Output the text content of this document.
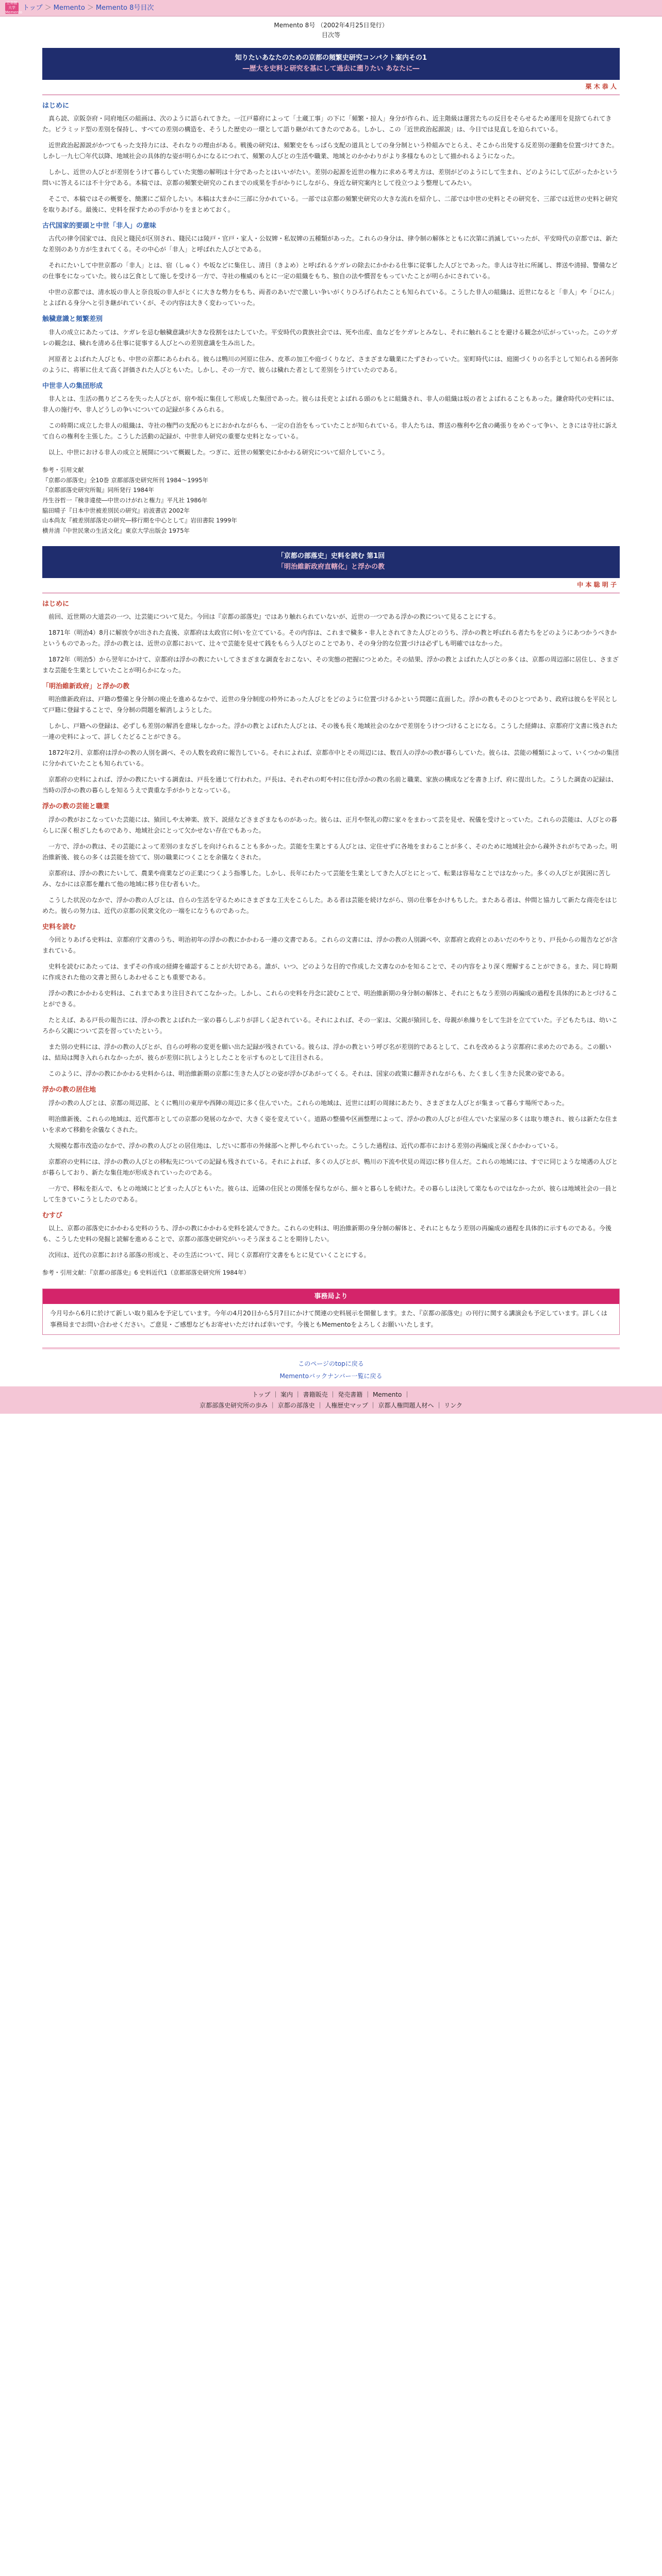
立命館
大学
Memento
トップ ＞ Memento ＞ Memento 8号目次
Memento 8号 （2002年4月25日発行）
目次等
知りたいあなたのための京都の頻繁史研究コンパクト案内その1
―歴大を史料と研究を基にして過去に遡りたい あなたに―
栗 木 恭 人
はじめに

真ら読、京阪奈府・同府地区の組画は、次のように語られてきた。一江戸幕府によって「土蔵工事」の下に「頻繁・掠人」身分が作られ、近主階級は運営たちの反目をそらせるため運用を見捨てられてきた。ピラミッド型の差別を保持し、すべての差別の構造を、そうした歴史の一環として語り継がれてきたのである。しかし、この「近世政治起源説」は、今日では見直しを迫られている。

近世政治起源説がかつてもった支持力には、それなりの理由がある。戦後の研究は、頻繁史をもっぱら支配の道具としての身分制という枠組みでとらえ、そこから出発する反差別の運動を位置づけてきた。しかし一九七〇年代以降、地域社会の具体的な姿が明らかになるにつれて、頻繁の人びとの生活や職業、地域とのかかわりがより多様なものとして描かれるようになった。

しかし、近世の人びとが差別をうけて暮らしていた実態の解明は十分であったとはいいがたい。差別の起源を近世の権力に求める考え方は、差別がどのようにして生まれ、どのようにして広がったかという問いに答えるには不十分である。本稿では、京都の頻繁史研究のこれまでの成果を手がかりにしながら、身近な研究案内として役立つよう整理してみたい。

そこで、本稿ではその概要を、簡潔にご紹介したい。本稿は大まかに三部に分かれている。一部では京都の頻繁史研究の大きな流れを紹介し、二部では中世の史料とその研究を、三部では近世の史料と研究を取りあげる。最後に、史料を探すための手がかりをまとめておく。

古代国家的要頭と中世「非人」の意味

古代の律令国家では、良民と賤民が区別され、賤民には陵戸・官戸・家人・公奴婢・私奴婢の五種類があった。これらの身分は、律令制の解体とともに次第に消滅していったが、平安時代の京都では、新たな差別のあり方が生まれてくる。その中心が「非人」と呼ばれた人びとである。

それにたいして中世京都の「非人」とは、宿（しゅく）や坂などに集住し、清目（きよめ）と呼ばれるケガレの除去にかかわる仕事に従事した人びとであった。非人は寺社に所属し、葬送や清掃、警備などの仕事をになっていた。彼らは乞食として施しを受ける一方で、寺社の権威のもとに一定の組織をもち、独自の法や慣習をもっていたことが明らかにされている。

中世の京都では、清水坂の非人と奈良坂の非人がとくに大きな勢力をもち、両者のあいだで激しい争いがくりひろげられたことも知られている。こうした非人の組織は、近世になると「非人」や「ひにん」とよばれる身分へと引き継がれていくが、その内容は大きく変わっていった。

触穢意識と頻繁差別

非人の成立にあたっては、ケガレを忌む触穢意識が大きな役割をはたしていた。平安時代の貴族社会では、死や出産、血などをケガレとみなし、それに触れることを避ける観念が広がっていった。このケガレの観念は、穢れを清める仕事に従事する人びとへの差別意識を生み出した。

河原者とよばれた人びとも、中世の京都にあらわれる。彼らは鴨川の河原に住み、皮革の加工や庭づくりなど、さまざまな職業にたずさわっていた。室町時代には、庭園づくりの名手として知られる善阿弥のように、将軍に仕えて高く評価された人びともいた。しかし、その一方で、彼らは穢れた者として差別をうけていたのである。

中世非人の集団形成

非人とは、生活の拠りどころを失った人びとが、宿や坂に集住して形成した集団であった。彼らは長吏とよばれる頭のもとに組織され、非人の組織は坂の者とよばれることもあった。鎌倉時代の史料には、非人の施行や、非人どうしの争いについての記録が多くみられる。

この時期に成立した非人の組織は、寺社の権門の支配のもとにおかれながらも、一定の自治をもっていたことが知られている。非人たちは、葬送の権利や乞食の縄張りをめぐって争い、ときには寺社に訴えて自らの権利を主張した。こうした活動の記録が、中世非人研究の重要な史料となっている。

以上、中世における非人の成立と展開について概観した。つぎに、近世の頻繁史にかかわる研究について紹介していこう。

参考・引用文献
『京都の部落史』全10巻 京都部落史研究所刊 1984〜1995年
『京都部落史研究所報』同所発行 1984年
丹生谷哲一『検非違使―中世のけがれと権力』平凡社 1986年
脇田晴子『日本中世被差別民の研究』岩波書店 2002年
山本尚友『被差別部落史の研究―移行期を中心として』岩田書院 1999年
横井清『中世民衆の生活文化』東京大学出版会 1975年
「京都の部落史」史料を読む 第1回
「明治維新政府直轄化」と浮かの教
中 本 聡 明 子
はじめに

前回、近世期の大道芸の一つ、辻芸能について見た。今回は『京都の部落史』ではあり触れられていないが、近世の一つである浮かの教について見ることにする。

1871年（明治4）8月に解放令が出された直後、京都府は太政官に何いを立てている。その内容は、これまで穢多・非人とされてきた人びとのうち、浮かの教と呼ばれる者たちをどのようにあつかうべきかというものであった。浮かの教とは、近世の京都において、辻々で芸能を見せて銭をもらう人びとのことであり、その身分的な位置づけは必ずしも明確ではなかった。

1872年（明治5）から翌年にかけて、京都府は浮かの教にたいしてさまざまな調査をおこない、その実態の把握につとめた。その結果、浮かの教とよばれた人びとの多くは、京都の周辺部に居住し、さまざまな芸能を生業としていたことが明らかになった。

「明治維新政府」と浮かの教

明治維新政府は、戸籍の整備と身分制の廃止を進めるなかで、近世の身分制度の枠外にあった人びとをどのように位置づけるかという問題に直面した。浮かの教もそのひとつであり、政府は彼らを平民として戸籍に登録することで、身分制の問題を解消しようとした。

しかし、戸籍への登録は、必ずしも差別の解消を意味しなかった。浮かの教とよばれた人びとは、その後も長く地域社会のなかで差別をうけつづけることになる。こうした経緯は、京都府庁文書に残された一連の史料によって、詳しくたどることができる。

1872年2月、京都府は浮かの教の人別を調べ、その人数を政府に報告している。それによれば、京都市中とその周辺には、数百人の浮かの教が暮らしていた。彼らは、芸能の種類によって、いくつかの集団に分かれていたことも知られている。

京都府の史料によれば、浮かの教にたいする調査は、戸長を通じて行われた。戸長は、それぞれの町や村に住む浮かの教の名前と職業、家族の構成などを書き上げ、府に提出した。こうした調査の記録は、当時の浮かの教の暮らしを知るうえで貴重な手がかりとなっている。

浮かの教の芸能と職業

浮かの教がおこなっていた芸能には、猿回しや太神楽、放下、説経などさまざまなものがあった。彼らは、正月や祭礼の際に家々をまわって芸を見せ、祝儀を受けとっていた。これらの芸能は、人びとの暮らしに深く根ざしたものであり、地域社会にとって欠かせない存在でもあった。

一方で、浮かの教は、その芸能によって差別のまなざしを向けられることも多かった。芸能を生業とする人びとは、定住せずに各地をまわることが多く、そのために地域社会から疎外されがちであった。明治維新後、彼らの多くは芸能を捨てて、別の職業につくことを余儀なくされた。

京都府は、浮かの教にたいして、農業や商業などの正業につくよう指導した。しかし、長年にわたって芸能を生業としてきた人びとにとって、転業は容易なことではなかった。多くの人びとが貧困に苦しみ、なかには京都を離れて他の地域に移り住む者もいた。

こうした状況のなかで、浮かの教の人びとは、自らの生活を守るためにさまざまな工夫をこらした。ある者は芸能を続けながら、別の仕事をかけもちした。またある者は、仲間と協力して新たな商売をはじめた。彼らの努力は、近代の京都の民衆文化の一端をになうものであった。

史料を読む

今回とりあげる史料は、京都府庁文書のうち、明治初年の浮かの教にかかわる一連の文書である。これらの文書には、浮かの教の人別調べや、京都府と政府とのあいだのやりとり、戸長からの報告などが含まれている。

史料を読むにあたっては、まずその作成の経緯を確認することが大切である。誰が、いつ、どのような目的で作成した文書なのかを知ることで、その内容をより深く理解することができる。また、同じ時期に作成された他の文書と照らしあわせることも重要である。

浮かの教にかかわる史料は、これまであまり注目されてこなかった。しかし、これらの史料を丹念に読むことで、明治維新期の身分制の解体と、それにともなう差別の再編成の過程を具体的にあとづけることができる。

たとえば、ある戸長の報告には、浮かの教とよばれた一家の暮らしぶりが詳しく記されている。それによれば、その一家は、父親が猿回しを、母親が糸繰りをして生計を立てていた。子どもたちは、幼いころから父親について芸を習っていたという。

また別の史料には、浮かの教の人びとが、自らの呼称の変更を願い出た記録が残されている。彼らは、浮かの教という呼び名が差別的であるとして、これを改めるよう京都府に求めたのである。この願いは、結局は聞き入れられなかったが、彼らが差別に抗しようとしたことを示すものとして注目される。

このように、浮かの教にかかわる史料からは、明治維新期の京都に生きた人びとの姿が浮かびあがってくる。それは、国家の政策に翻弄されながらも、たくましく生きた民衆の姿である。

浮かの教の居住地

浮かの教の人びとは、京都の周辺部、とくに鴨川の東岸や西陣の周辺に多く住んでいた。これらの地域は、近世には町の周縁にあたり、さまざまな人びとが集まって暮らす場所であった。

明治維新後、これらの地域は、近代都市としての京都の発展のなかで、大きく姿を変えていく。道路の整備や区画整理によって、浮かの教の人びとが住んでいた家屋の多くは取り壊され、彼らは新たな住まいを求めて移動を余儀なくされた。

大規模な都市改造のなかで、浮かの教の人びとの居住地は、しだいに都市の外縁部へと押しやられていった。こうした過程は、近代の都市における差別の再編成と深くかかわっている。

京都府の史料には、浮かの教の人びとの移転先についての記録も残されている。それによれば、多くの人びとが、鴨川の下流や伏見の周辺に移り住んだ。これらの地域には、すでに同じような境遇の人びとが暮らしており、新たな集住地が形成されていったのである。

一方で、移転を拒んで、もとの地域にとどまった人びともいた。彼らは、近隣の住民との関係を保ちながら、細々と暮らしを続けた。その暮らしは決して楽なものではなかったが、彼らは地域社会の一員として生きていこうとしたのである。

むすび

以上、京都の部落史にかかわる史料のうち、浮かの教にかかわる史料を読んできた。これらの史料は、明治維新期の身分制の解体と、それにともなう差別の再編成の過程を具体的に示すものである。今後も、こうした史料の発掘と読解を進めることで、京都の部落史研究がいっそう深まることを期待したい。

次回は、近代の京都における部落の形成と、その生活について、同じく京都府庁文書をもとに見ていくことにする。

参考・引用文献：『京都の部落史』6 史料近代1（京都部落史研究所 1984年）
事務局より
今月号から6月に於けて新しい取り組みを予定しています。今年の4月20日から5月7日にかけて関連の史料展示を開催します。また、『京都の部落史』の刊行に関する講演会も予定しています。詳しくは事務局までお問い合わせください。ご意見・ご感想などもお寄せいただければ幸いです。今後ともMementoをよろしくお願いいたします。
このページのtopに戻る
Mementoバックナンバー一覧に戻る
トップ ｜ 案内 ｜ 書籍販売 ｜ 発売書籍 ｜ Memento ｜
京都部落史研究所の歩み ｜ 京都の部落史 ｜ 人権歴史マップ ｜ 京都人権問題人材ヘ ｜ リンク
